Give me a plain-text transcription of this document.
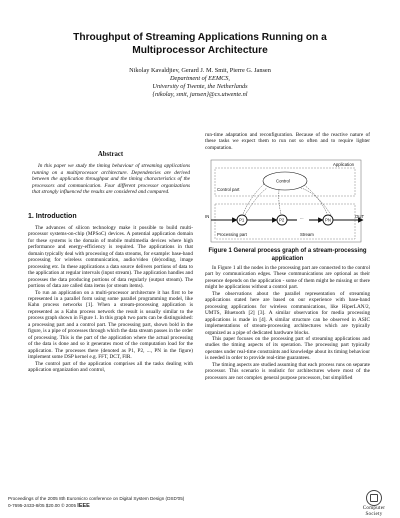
Throughput of Streaming Applications Running on a Multiprocessor Architecture
Nikolay Kavaldjiev, Gerard J. M. Smit, Pierre G. Jansen
Department of EEMCS,
University of Twente, the Netherlands
{nikolay, smit, jansen}@cs.utwente.nl
Abstract
In this paper we study the timing behaviour of streaming applications running on a multiprocessor architecture. Dependencies are derived between the application throughput and the timing characteristics of the processors and communication. Four different processor organizations that strongly influenced the results are considered and compared.
1. Introduction

The advances of silicon technology make it possible to build multi-processor systems-on-chip (MPSoC) devices. A potential application domain for these systems is the domain of mobile multimedia devices where high performance and energy-efficiency is required. The applications in that domain typically deal with processing of data streams, for example: base-band processing for wireless communication, audio/video (de)coding, image processing etc. In these applications a data source delivers portions of data to the application at regular intervals (input stream). The application handles and processes the data producing portions of data regularly (output stream). The portions of data are called data items (or stream items).

To run an application on a multi-processor architecture it has first to be represented in a parallel form using some parallel programming model, like Kahn process networks [1]. When a stream-processing application is represented as a Kahn process network the result is usually similar to the process graph shown in Figure 1. In this graph two parts can be distinguished: a processing part and a control part. The processing part, shown bold in the figure, is a pipe of processes through which the data stream passes in the order of processing. This is the part of the application where the actual processing of the data is done and so it generates most of the computation load for the application. The processes there (denoted as P1, P2, ..., PN in the figure) implement some DSP kernel e.g. FFT, DCT, FIR.

The control part of the application comprises all the tasks dealing with application organization and control,

run-time adaptation and reconfiguration. Because of the reactive nature of these tasks we expect them to run not so often and to require lighter computation.

Application
Control part
Control
Processing part	Stream
IN	OUT
P1	P2	PN
...
Figure 1 General process graph of a stream-processing application

In Figure 1 all the nodes in the processing part are connected to the control part by communication edges. These communications are optional as their presence depends on the application - some of them might be missing or there might be applications without a control part.

The observations about the parallel representation of streaming applications stated here are based on our experience with base-band processing applications for wireless communications, like HiperLAN/2, UMTS, Bluetooth [2] [3]. A similar observation for media processing applications is made in [4]. A similar structure can be observed in ASIC implementations of stream-processing architectures which are typically organized as a pipe of dedicated hardware blocks.

This paper focuses on the processing part of streaming applications and studies the timing aspects of its operation. The processing part typically operates under real-time constraints and knowledge about its timing behaviour is needed in order to provide real-time guarantees.

The timing aspects are studied assuming that each process runs on separate processor. This scenario is realistic for architectures where most of the processors are not complex general purpose processors, but simplified

Proceedings of the 2005 8th Euromicro conference on Digital System Design (DSD'05)
0-7695-2433-8/05 $20.00 © 2005 IEEE	Computer
Society
